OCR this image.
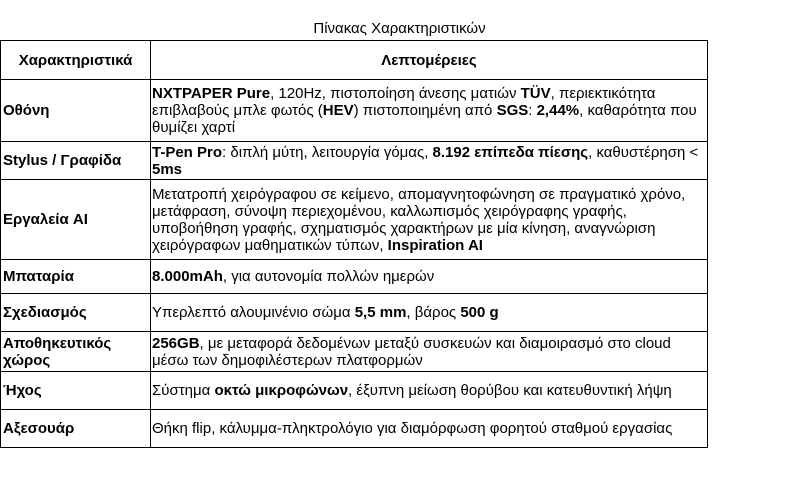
Πίνακας Χαρακτηριστικών
Χαρακτηριστικά	Λεπτομέρειες
Οθόνη	NXTPAPER Pure, 120Hz, πιστοποίηση άνεσης ματιών TÜV, περιεκτικότητα επιβλαβούς μπλε φωτός (HEV) πιστοποιημένη από SGS: 2,44%, καθαρότητα που θυμίζει χαρτί
Stylus / Γραφίδα	T-Pen Pro: διπλή μύτη, λειτουργία γόμας, 8.192 επίπεδα πίεσης, καθυστέρηση < 5ms
Εργαλεία AI	Μετατροπή χειρόγραφου σε κείμενο, απομαγνητοφώνηση σε πραγματικό χρόνο, μετάφραση, σύνοψη περιεχομένου, καλλωπισμός χειρόγραφης γραφής, υποβοήθηση γραφής, σχηματισμός χαρακτήρων με μία κίνηση, αναγνώριση χειρόγραφων μαθηματικών τύπων, Inspiration AI
Μπαταρία	8.000mAh, για αυτονομία πολλών ημερών
Σχεδιασμός	Υπερλεπτό αλουμινένιο σώμα 5,5 mm, βάρος 500 g
Αποθηκευτικός χώρος	256GB, με μεταφορά δεδομένων μεταξύ συσκευών και διαμοιρασμό στο cloud μέσω των δημοφιλέστερων πλατφορμών
Ήχος	Σύστημα οκτώ μικροφώνων, έξυπνη μείωση θορύβου και κατευθυντική λήψη
Αξεσουάρ	Θήκη flip, κάλυμμα-πληκτρολόγιο για διαμόρφωση φορητού σταθμού εργασίας
